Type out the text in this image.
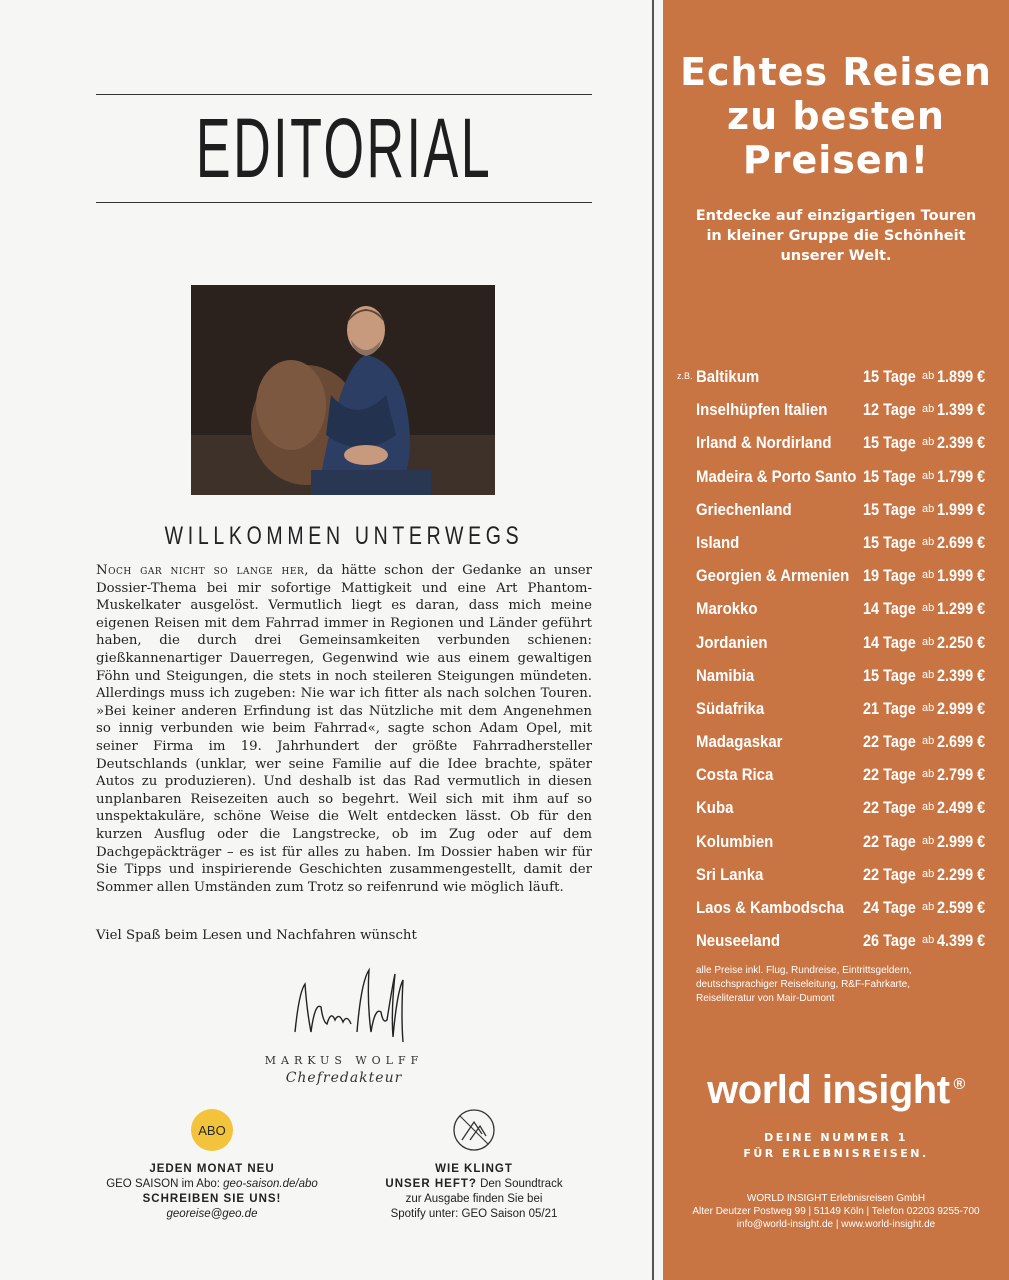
EDITORIAL
WILLKOMMEN UNTERWEGS
Noch gar nicht so lange her, da hätte schon der Gedanke an unser Dossier-Thema bei mir sofortige Mattigkeit und eine Art Phantom-Muskelkater ausgelöst. Vermutlich liegt es daran, dass mich meine eigenen Reisen mit dem Fahrrad immer in Regionen und Länder geführt haben, die durch drei Gemeinsamkeiten verbunden schienen: gießkannenartiger Dauerregen, Gegenwind wie aus einem gewaltigen Föhn und Steigungen, die stets in noch steileren Steigungen mündeten. Allerdings muss ich zugeben: Nie war ich fitter als nach solchen Touren. »Bei keiner anderen Erfindung ist das Nützliche mit dem Angenehmen so innig verbunden wie beim Fahrrad«, sagte schon Adam Opel, mit seiner Firma im 19. Jahrhundert der größte Fahrradhersteller Deutschlands (unklar, wer seine Familie auf die Idee brachte, später Autos zu produzieren). Und deshalb ist das Rad vermutlich in diesen unplanbaren Reisezeiten auch so begehrt. Weil sich mit ihm auf so unspektakuläre, schöne Weise die Welt entdecken lässt. Ob für den kurzen Ausflug oder die Langstrecke, ob im Zug oder auf dem Dachgepäckträger – es ist für alles zu haben. Im Dossier haben wir für Sie Tipps und inspirierende Geschichten zusammengestellt, damit der Sommer allen Umständen zum Trotz so reifenrund wie möglich läuft.
Viel Spaß beim Lesen und Nachfahren wünscht
MARKUS WOLFF
Chefredakteur
ABO
JEDEN MONAT NEU
GEO SAISON im Abo: geo-saison.de/abo
SCHREIBEN SIE UNS!
georeise@geo.de
WIE KLINGT
UNSER HEFT? Den Soundtrack
zur Ausgabe finden Sie bei
Spotify unter: GEO Saison 05/21
Echtes Reisen
zu besten
Preisen!
Entdecke auf einzigartigen Touren
in kleiner Gruppe die Schönheit
unserer Welt.
z.B. Baltikum	15 Tage ab 1.899 €
Inselhüpfen Italien 12 Tage ab 1.399 €
Irland & Nordirland 15 Tage ab 2.399 €
Madeira & Porto Santo 15 Tage ab 1.799 €
Griechenland	15 Tage ab 1.999 €
Island	15 Tage ab 2.699 €
Georgien & Armenien 19 Tage ab 1.999 €
Marokko	14 Tage ab 1.299 €
Jordanien	14 Tage ab 2.250 €
Namibia	15 Tage ab 2.399 €
Südafrika	21 Tage ab 2.999 €
Madagaskar	22 Tage ab 2.699 €
Costa Rica	22 Tage ab 2.799 €
Kuba	22 Tage ab 2.499 €
Kolumbien	22 Tage ab 2.999 €
Sri Lanka	22 Tage ab 2.299 €
Laos & Kambodscha 24 Tage ab 2.599 €
Neuseeland	26 Tage ab 4.399 €
alle Preise inkl. Flug, Rundreise, Eintrittsgeldern,
deutschsprachiger Reiseleitung, R&F-Fahrkarte,
Reiseliteratur von Mair-Dumont
world insight ®
DEINE NUMMER 1
FÜR ERLEBNISREISEN.
WORLD INSIGHT Erlebnisreisen GmbH
Alter Deutzer Postweg 99 | 51149 Köln | Telefon 02203 9255-700
info@world-insight.de | www.world-insight.de
